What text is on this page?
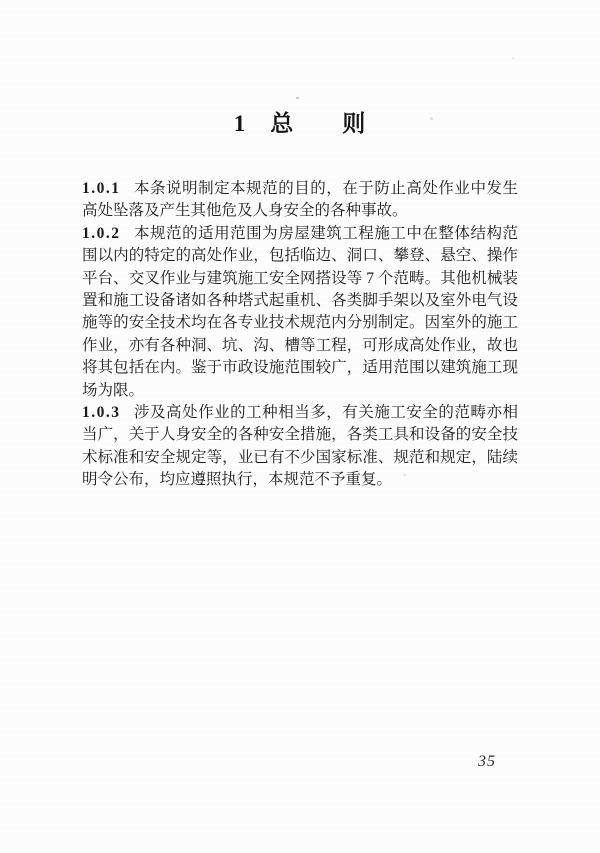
1　总　　则

1.0.1 本条说明制定本规范的目的，在于防止高处作业中发生高处坠落及产生其他危及人身安全的各种事故。

1.0.2 本规范的适用范围为房屋建筑工程施工中在整体结构范围以内的特定的高处作业，包括临边、洞口、攀登、悬空、操作平台、交叉作业与建筑施工安全网搭设等 7 个范畴。其他机械装置和施工设备诸如各种塔式起重机、各类脚手架以及室外电气设施等的安全技术均在各专业技术规范内分别制定。因室外的施工作业，亦有各种洞、坑、沟、槽等工程，可形成高处作业，故也将其包括在内。鉴于市政设施范围较广，适用范围以建筑施工现场为限。

1.0.3 涉及高处作业的工种相当多，有关施工安全的范畴亦相当广，关于人身安全的各种安全措施，各类工具和设备的安全技术标准和安全规定等，业已有不少国家标准、规范和规定，陆续明令公布，均应遵照执行，本规范不予重复。

35
